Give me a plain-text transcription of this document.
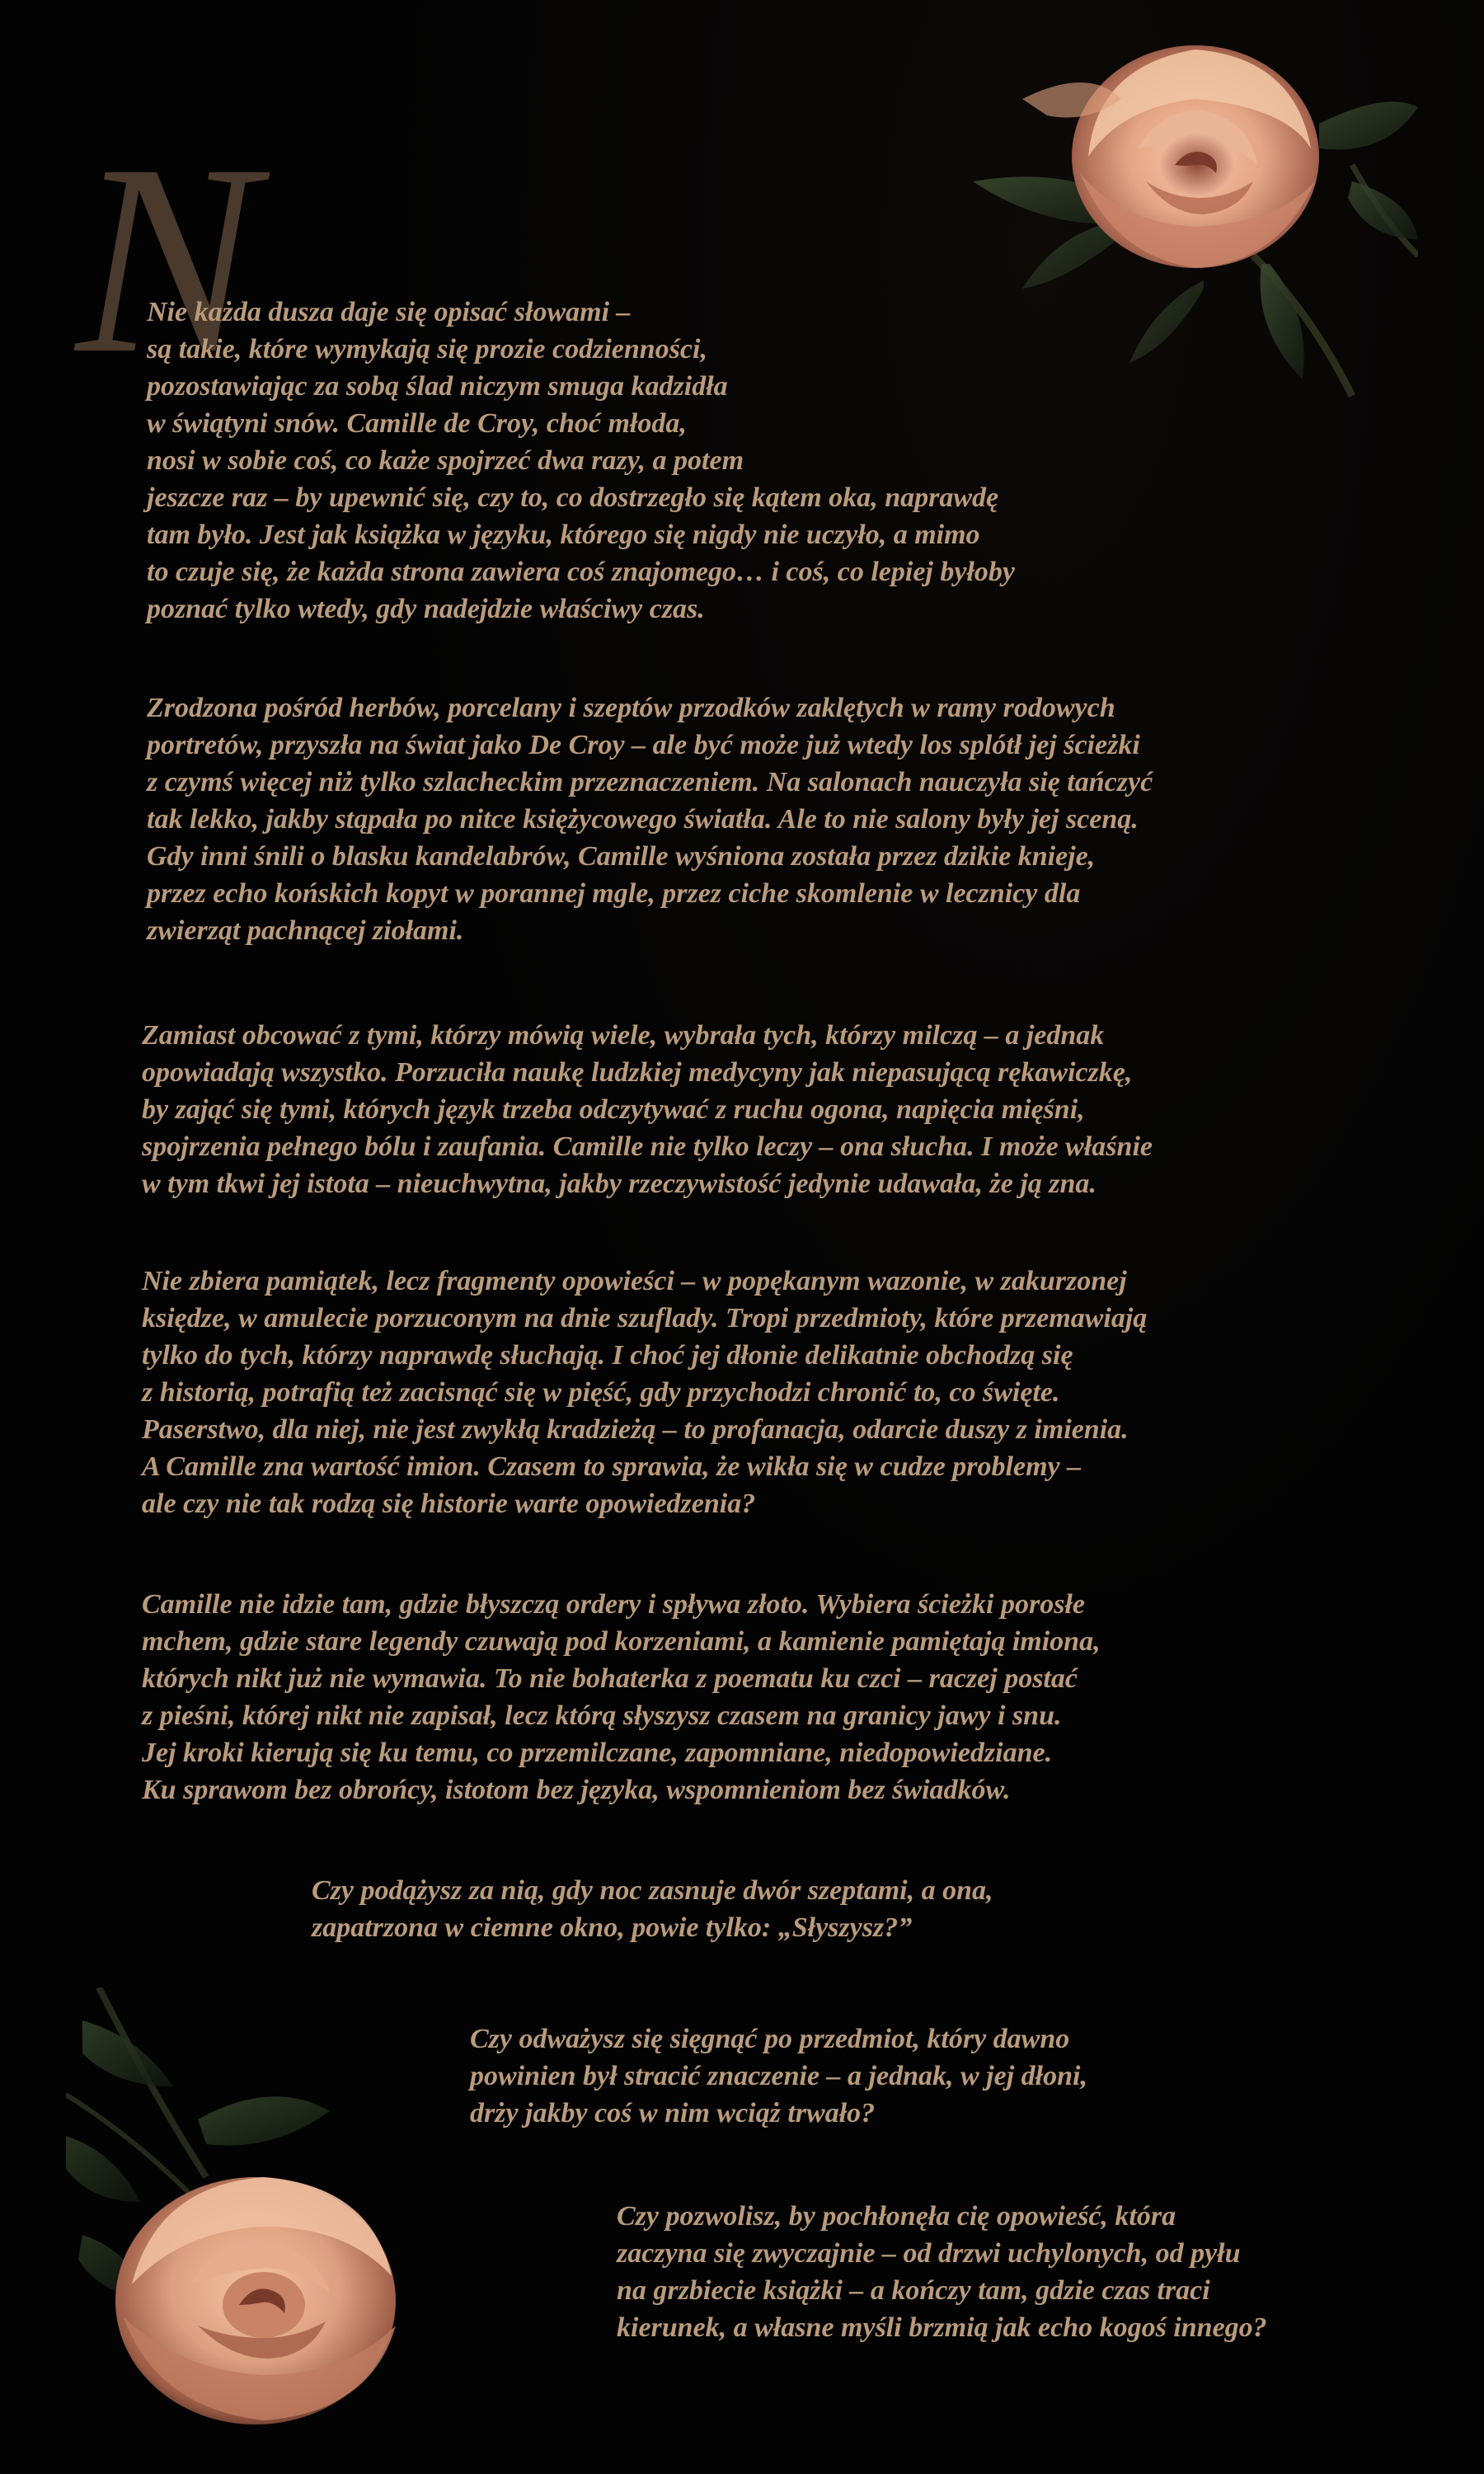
N
Nie każda dusza daje się opisać słowami –
są takie, które wymykają się prozie codzienności,
pozostawiając za sobą ślad niczym smuga kadzidła
w świątyni snów. Camille de Croy, choć młoda,
nosi w sobie coś, co każe spojrzeć dwa razy, a potem
jeszcze raz – by upewnić się, czy to, co dostrzegło się kątem oka, naprawdę
tam było. Jest jak książka w języku, którego się nigdy nie uczyło, a mimo
to czuje się, że każda strona zawiera coś znajomego… i coś, co lepiej byłoby
poznać tylko wtedy, gdy nadejdzie właściwy czas.
Zrodzona pośród herbów, porcelany i szeptów przodków zaklętych w ramy rodowych
portretów, przyszła na świat jako De Croy – ale być może już wtedy los splótł jej ścieżki
z czymś więcej niż tylko szlacheckim przeznaczeniem. Na salonach nauczyła się tańczyć
tak lekko, jakby stąpała po nitce księżycowego światła. Ale to nie salony były jej sceną.
Gdy inni śnili o blasku kandelabrów, Camille wyśniona została przez dzikie knieje,
przez echo końskich kopyt w porannej mgle, przez ciche skomlenie w lecznicy dla
zwierząt pachnącej ziołami.
Zamiast obcować z tymi, którzy mówią wiele, wybrała tych, którzy milczą – a jednak
opowiadają wszystko. Porzuciła naukę ludzkiej medycyny jak niepasującą rękawiczkę,
by zająć się tymi, których język trzeba odczytywać z ruchu ogona, napięcia mięśni,
spojrzenia pełnego bólu i zaufania. Camille nie tylko leczy – ona słucha. I może właśnie
w tym tkwi jej istota – nieuchwytna, jakby rzeczywistość jedynie udawała, że ją zna.
Nie zbiera pamiątek, lecz fragmenty opowieści – w popękanym wazonie, w zakurzonej
księdze, w amulecie porzuconym na dnie szuflady. Tropi przedmioty, które przemawiają
tylko do tych, którzy naprawdę słuchają. I choć jej dłonie delikatnie obchodzą się
z historią, potrafią też zacisnąć się w pięść, gdy przychodzi chronić to, co święte.
Paserstwo, dla niej, nie jest zwykłą kradzieżą – to profanacja, odarcie duszy z imienia.
A Camille zna wartość imion. Czasem to sprawia, że wikła się w cudze problemy –
ale czy nie tak rodzą się historie warte opowiedzenia?
Camille nie idzie tam, gdzie błyszczą ordery i spływa złoto. Wybiera ścieżki porosłe
mchem, gdzie stare legendy czuwają pod korzeniami, a kamienie pamiętają imiona,
których nikt już nie wymawia. To nie bohaterka z poematu ku czci – raczej postać
z pieśni, której nikt nie zapisał, lecz którą słyszysz czasem na granicy jawy i snu.
Jej kroki kierują się ku temu, co przemilczane, zapomniane, niedopowiedziane.
Ku sprawom bez obrońcy, istotom bez języka, wspomnieniom bez świadków.
Czy podążysz za nią, gdy noc zasnuje dwór szeptami, a ona,
zapatrzona w ciemne okno, powie tylko: „Słyszysz?”
Czy odważysz się sięgnąć po przedmiot, który dawno
powinien był stracić znaczenie – a jednak, w jej dłoni,
drży jakby coś w nim wciąż trwało?
Czy pozwolisz, by pochłonęła cię opowieść, która
zaczyna się zwyczajnie – od drzwi uchylonych, od pyłu
na grzbiecie książki – a kończy tam, gdzie czas traci
kierunek, a własne myśli brzmią jak echo kogoś innego?
